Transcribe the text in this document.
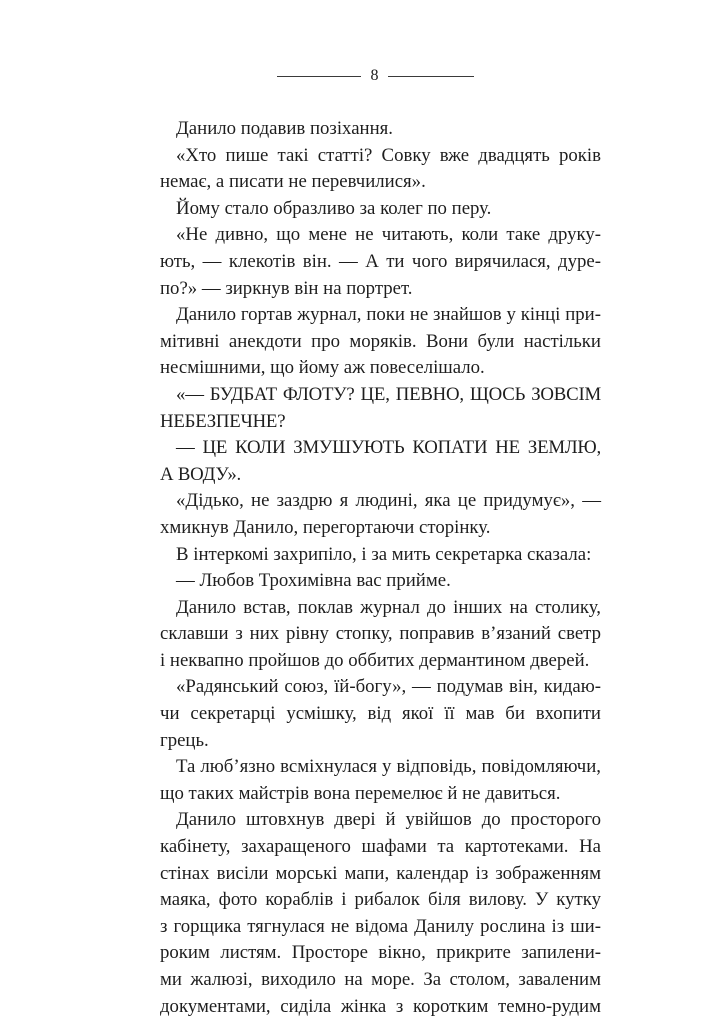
8

Данило подавив позіхання.

«Хто пише такі статті? Совку вже двадцять років
немає, а писати не перевчилися».

Йому стало образливо за колег по перу.

«Не дивно, що мене не читають, коли таке друку-
ють, — клекотів він. — А ти чого вирячилася, дуре-
по?» — зиркнув він на портрет.

Данило гортав журнал, поки не знайшов у кінці при-
мітивні анекдоти про моряків. Вони були настільки
несмішними, що йому аж повеселішало.

«— БУДБАТ ФЛОТУ? ЦЕ, ПЕВНО, ЩОСЬ ЗОВСІМ
НЕБЕЗПЕЧНЕ?

— ЦЕ КОЛИ ЗМУШУЮТЬ КОПАТИ НЕ ЗЕМЛЮ,
А ВОДУ».

«Дідько, не заздрю я людині, яка це придумує», —
хмикнув Данило, перегортаючи сторінку.

В інтеркомі захрипіло, і за мить секретарка сказала:

— Любов Трохимівна вас прийме.

Данило встав, поклав журнал до інших на столику,
склавши з них рівну стопку, поправив в’язаний светр
і неквапно пройшов до оббитих дермантином дверей.

«Радянський союз, їй-богу», — подумав він, кидаю-
чи секретарці усмішку, від якої її мав би вхопити грець.

Та люб’язно всміхнулася у відповідь, повідомляючи,
що таких майстрів вона перемелює й не давиться.

Данило штовхнув двері й увійшов до просторого
кабінету, захаращеного шафами та картотеками. На
стінах висіли морські мапи, календар із зображенням
маяка, фото кораблів і рибалок біля вилову. У кутку
з горщика тягнулася не відома Данилу рослина із ши-
роким листям. Просторе вікно, прикрите запилени-
ми жалюзі, виходило на море. За столом, заваленим
документами, сиділа жінка з коротким темно-рудим
